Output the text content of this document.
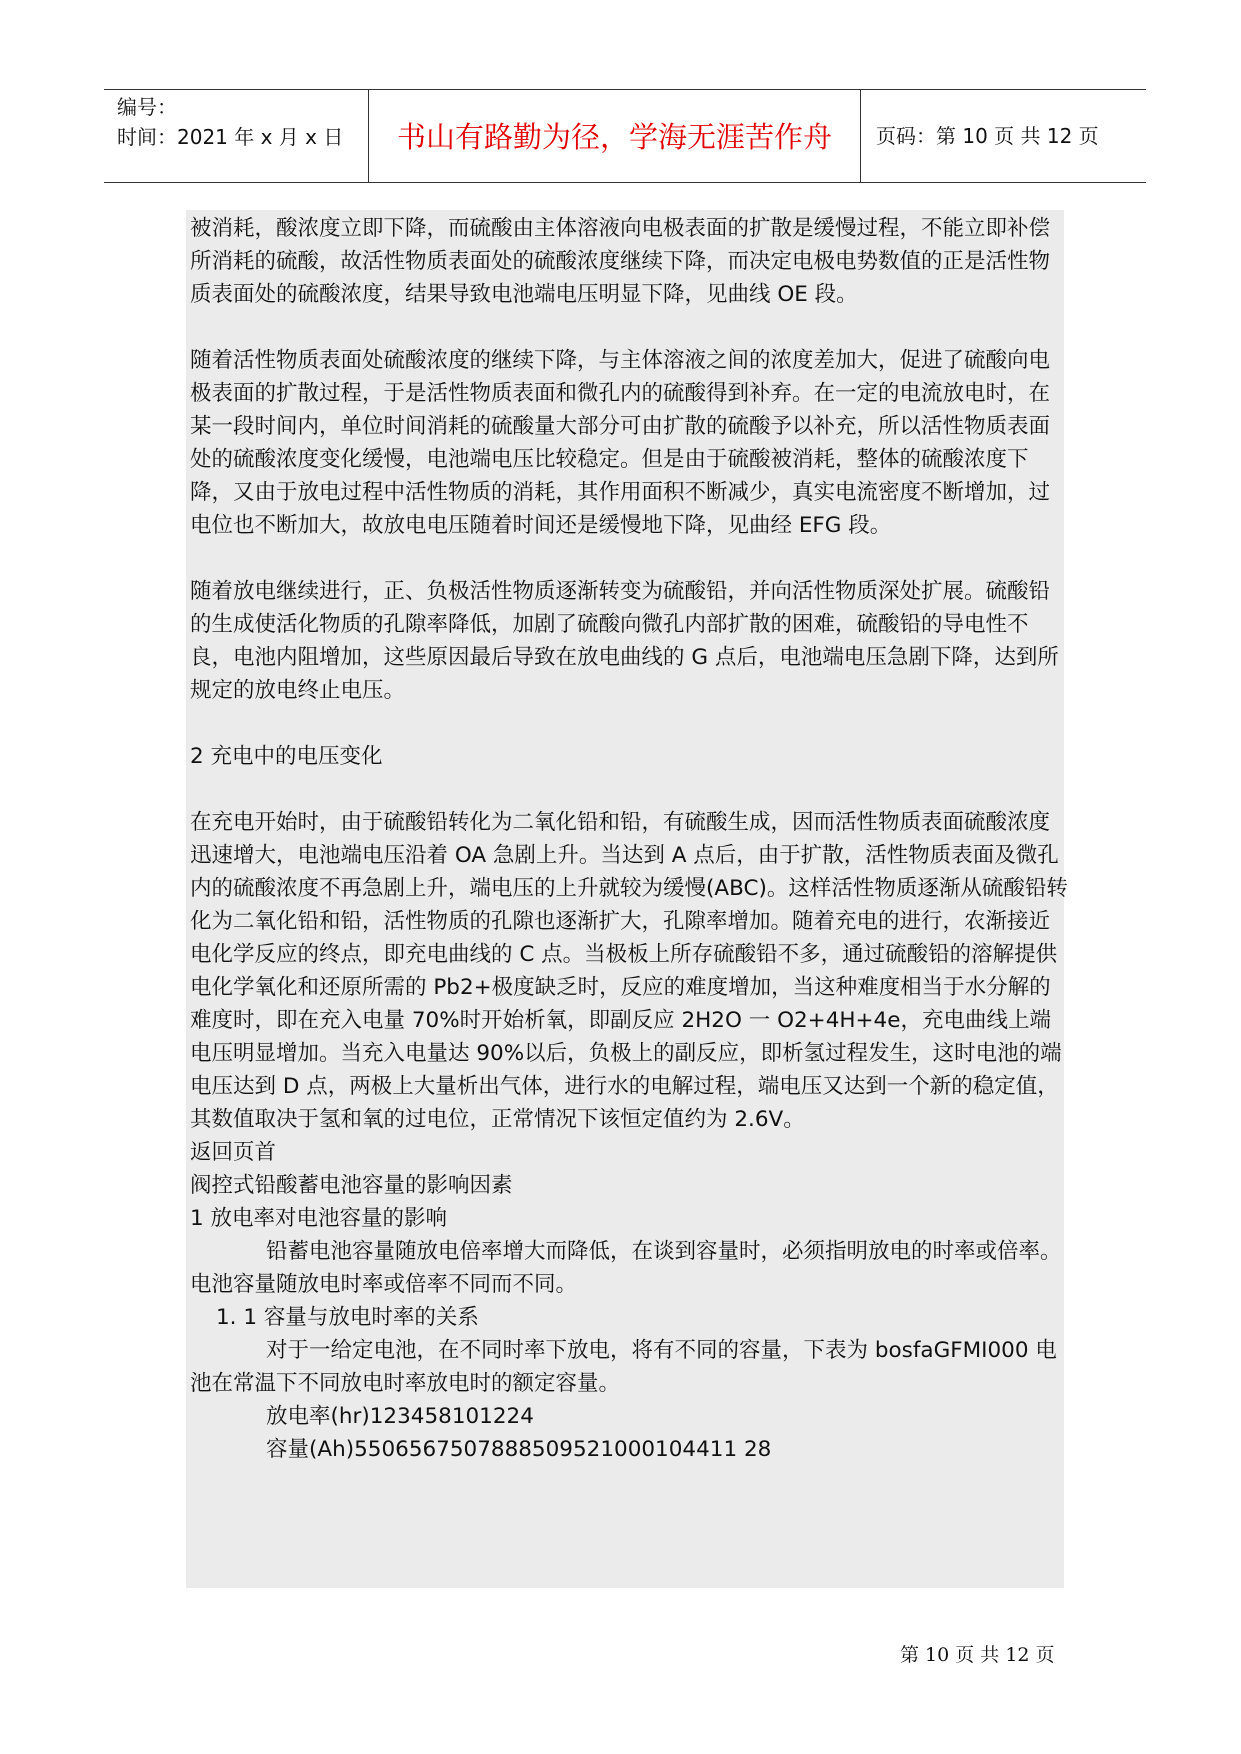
编号：
时间：2021 年 x 月 x 日	书山有路勤为径，学海无涯苦作舟	页码：第 10 页 共 12 页

被消耗，酸浓度立即下降，而硫酸由主体溶液向电极表面的扩散是缓慢过程，不能立即补偿所消耗的硫酸，故活性物质表面处的硫酸浓度继续下降，而决定电极电势数值的正是活性物质表面处的硫酸浓度，结果导致电池端电压明显下降，见曲线 OE 段。

随着活性物质表面处硫酸浓度的继续下降，与主体溶液之间的浓度差加大，促进了硫酸向电极表面的扩散过程，于是活性物质表面和微孔内的硫酸得到补弃。在一定的电流放电时，在某一段时间内，单位时间消耗的硫酸量大部分可由扩散的硫酸予以补充，所以活性物质表面处的硫酸浓度变化缓慢，电池端电压比较稳定。但是由于硫酸被消耗，整体的硫酸浓度下降，又由于放电过程中活性物质的消耗，其作用面积不断减少，真实电流密度不断增加，过电位也不断加大，故放电电压随着时间还是缓慢地下降，见曲经 EFG 段。

随着放电继续进行，正、负极活性物质逐渐转变为硫酸铅，并向活性物质深处扩展。硫酸铅的生成使活化物质的孔隙率降低，加剧了硫酸向微孔内部扩散的困难，硫酸铅的导电性不良，电池内阻增加，这些原因最后导致在放电曲线的 G 点后，电池端电压急剧下降，达到所规定的放电终止电压。

2 充电中的电压变化

在充电开始时，由于硫酸铅转化为二氧化铅和铅，有硫酸生成，因而活性物质表面硫酸浓度迅速增大，电池端电压沿着 OA 急剧上升。当达到 A 点后，由于扩散，活性物质表面及微孔内的硫酸浓度不再急剧上升，端电压的上升就较为缓慢(ABC)。这样活性物质逐渐从硫酸铅转化为二氧化铅和铅，活性物质的孔隙也逐渐扩大，孔隙率增加。随着充电的进行，农渐接近电化学反应的终点，即充电曲线的 C 点。当极板上所存硫酸铅不多，通过硫酸铅的溶解提供电化学氧化和还原所需的 Pb2+极度缺乏时，反应的难度增加，当这种难度相当于水分解的难度时，即在充入电量 70%时开始析氧，即副反应 2H2O 一 O2+4H+4e，充电曲线上端电压明显增加。当充入电量达 90%以后，负极上的副反应，即析氢过程发生，这时电池的端电压达到 D 点，两极上大量析出气体，进行水的电解过程，端电压又达到一个新的稳定值，其数值取决于氢和氧的过电位，正常情况下该恒定值约为 2.6V。

返回页首

阀控式铅酸蓄电池容量的影响因素

1 放电率对电池容量的影响

铅蓄电池容量随放电倍率增大而降低，在谈到容量时，必须指明放电的时率或倍率。电池容量随放电时率或倍率不同而不同。

1. 1 容量与放电时率的关系

对于一给定电池，在不同时率下放电，将有不同的容量，下表为 bosfaGFMI000 电池在常温下不同放电时率放电时的额定容量。

放电率(hr)123458101224

容量(Ah)5506567507888509521000104411 28

第 10 页 共 12 页
